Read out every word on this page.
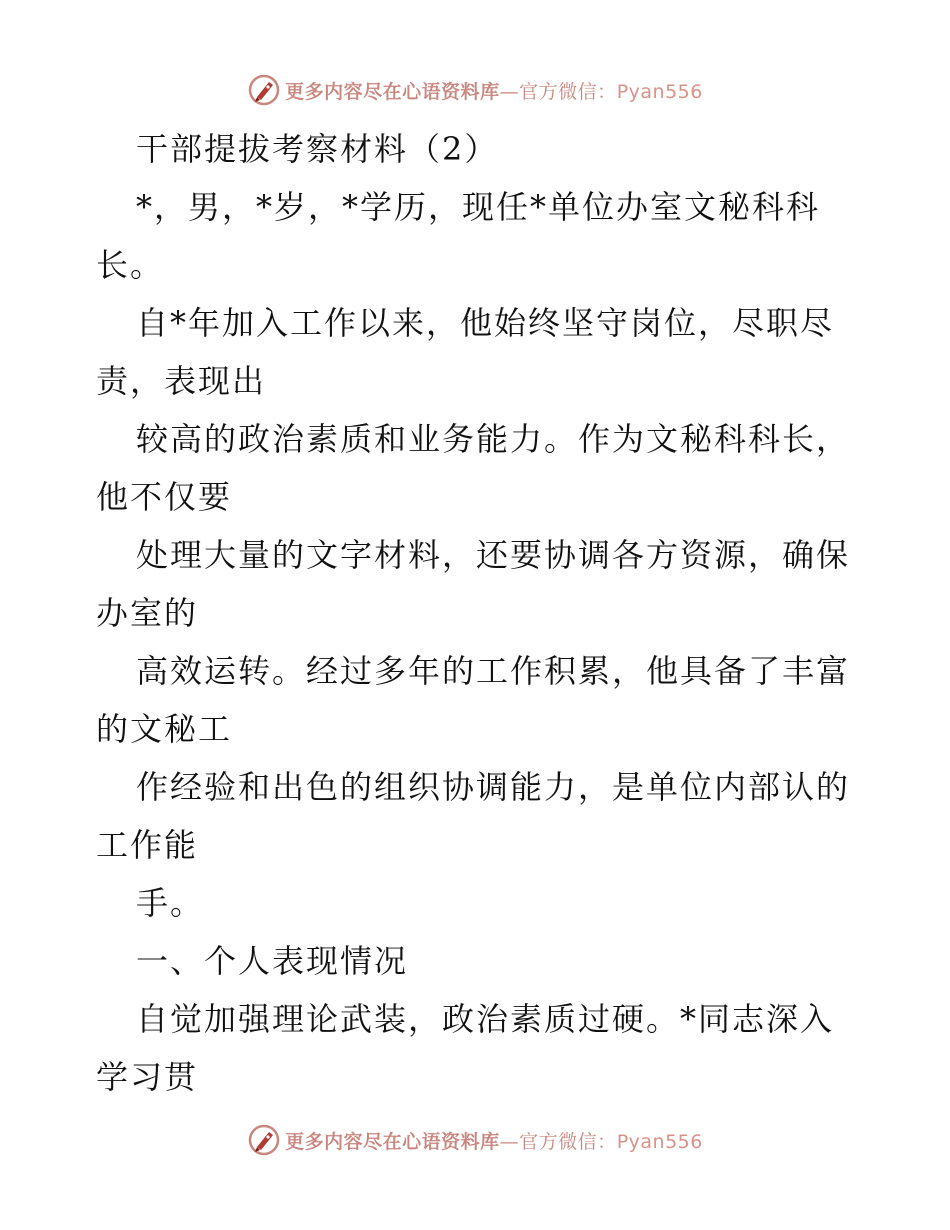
更多内容尽在心语资料库—官方微信：Pyan556
干部提拔考察材料（2）
*，男，*岁，*学历，现任*单位办室文秘科科
长。
自*年加入工作以来，他始终坚守岗位，尽职尽
责，表现出
较高的政治素质和业务能力。作为文秘科科长，
他不仅要
处理大量的文字材料，还要协调各方资源，确保
办室的
高效运转。经过多年的工作积累，他具备了丰富
的文秘工
作经验和出色的组织协调能力，是单位内部认的
工作能
手。
一、个人表现情况
自觉加强理论武装，政治素质过硬。*同志深入
学习贯
更多内容尽在心语资料库—官方微信：Pyan556
